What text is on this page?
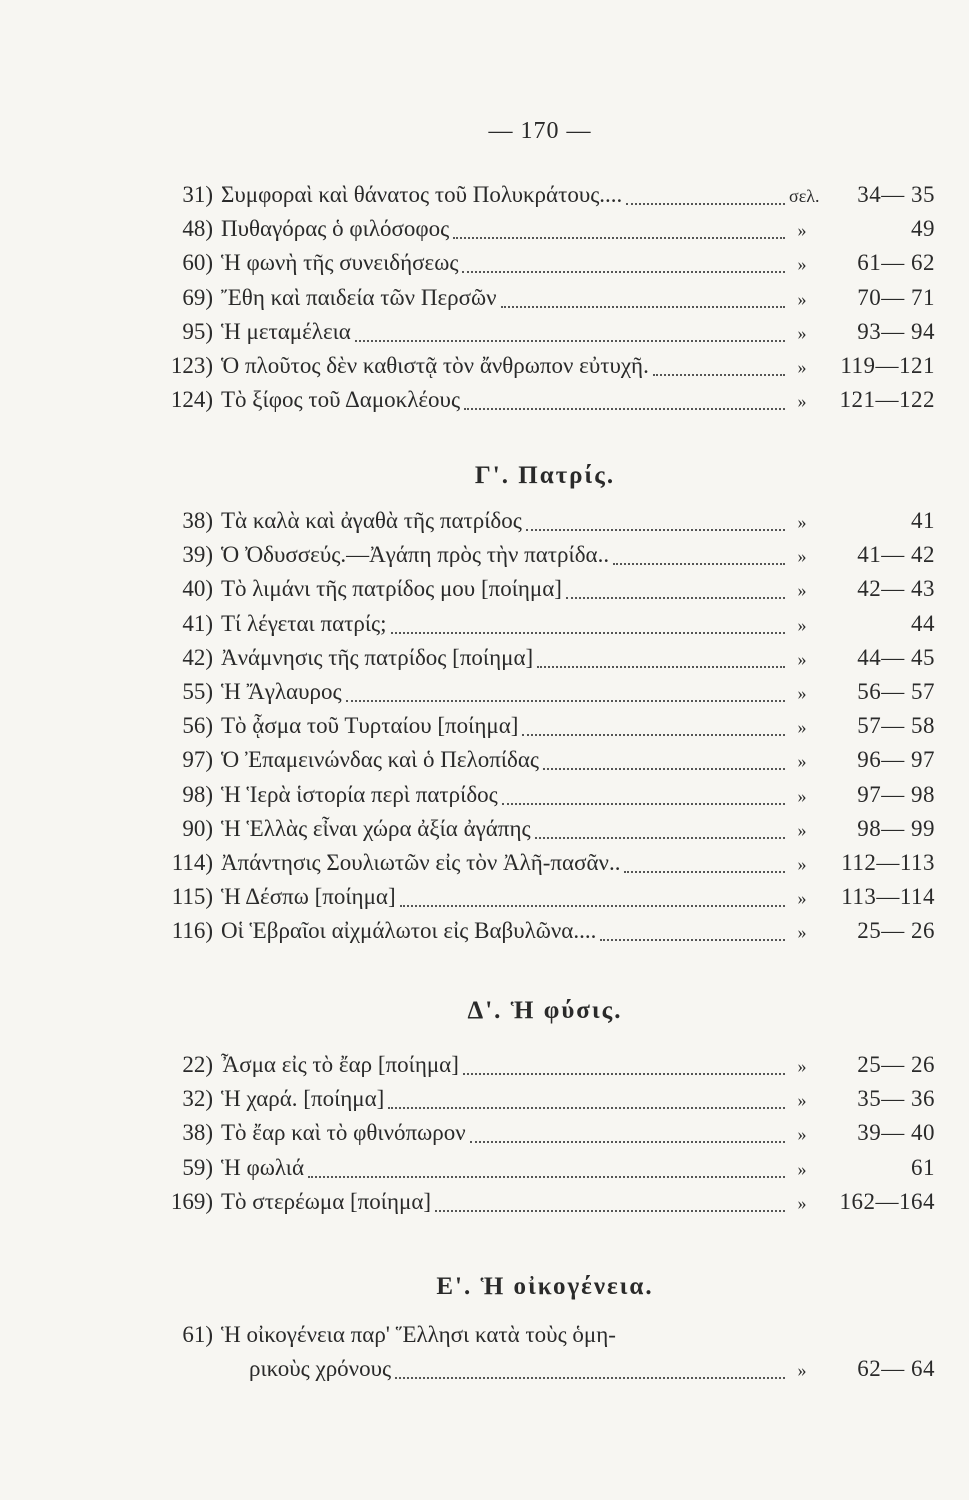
— 170 —
31) Συμφοραὶ καὶ θάνατος τοῦ Πολυκράτους....	σελ.	34— 35
48) Πυθαγόρας ὁ φιλόσοφος	»	49
60) Ἡ φωνὴ τῆς συνειδήσεως	»	61— 62
69) Ἔθη καὶ παιδεία τῶν Περσῶν	»	70— 71
95) Ἡ μεταμέλεια	»	93— 94
123) Ὁ πλοῦτος δὲν καθιστᾷ τὸν ἄνθρωπον εὐτυχῆ.	»	119—121
124) Τὸ ξίφος τοῦ Δαμοκλέους	»	121—122
Γ'. Πατρίς.
38) Τὰ καλὰ καὶ ἀγαθὰ τῆς πατρίδος	»	41
39) Ὁ Ὀδυσσεύς.—Ἀγάπη πρὸς τὴν πατρίδα..	»	41— 42
40) Τὸ λιμάνι τῆς πατρίδος μου [ποίημα]	»	42— 43
41) Τί λέγεται πατρίς;	»	44
42) Ἀνάμνησις τῆς πατρίδος [ποίημα]	»	44— 45
55) Ἡ Ἄγλαυρος	»	56— 57
56) Τὸ ᾆσμα τοῦ Τυρταίου [ποίημα]	»	57— 58
97) Ὁ Ἐπαμεινώνδας καὶ ὁ Πελοπίδας	»	96— 97
98) Ἡ Ἱερὰ ἱστορία περὶ πατρίδος	»	97— 98
90) Ἡ Ἑλλὰς εἶναι χώρα ἀξία ἀγάπης	»	98— 99
114) Ἀπάντησις Σουλιωτῶν εἰς τὸν Ἀλῆ-πασᾶν..	»	112—113
115) Ἡ Δέσπω [ποίημα]	»	113—114
116) Οἱ Ἑβραῖοι αἰχμάλωτοι εἰς Βαβυλῶνα....	»	25— 26
Δ'. Ἡ φύσις.
22) Ἆσμα εἰς τὸ ἔαρ [ποίημα]	»	25— 26
32) Ἡ χαρά. [ποίημα]	»	35— 36
38) Τὸ ἔαρ καὶ τὸ φθινόπωρον	»	39— 40
59) Ἡ φωλιά	»	61
169) Τὸ στερέωμα [ποίημα]	»	162—164
Ε'. Ἡ οἰκογένεια.
61) Ἡ οἰκογένεια παρ' Ἕλλησι κατὰ τοὺς ὁμη-
ρικοὺς χρόνους	»	62— 64
